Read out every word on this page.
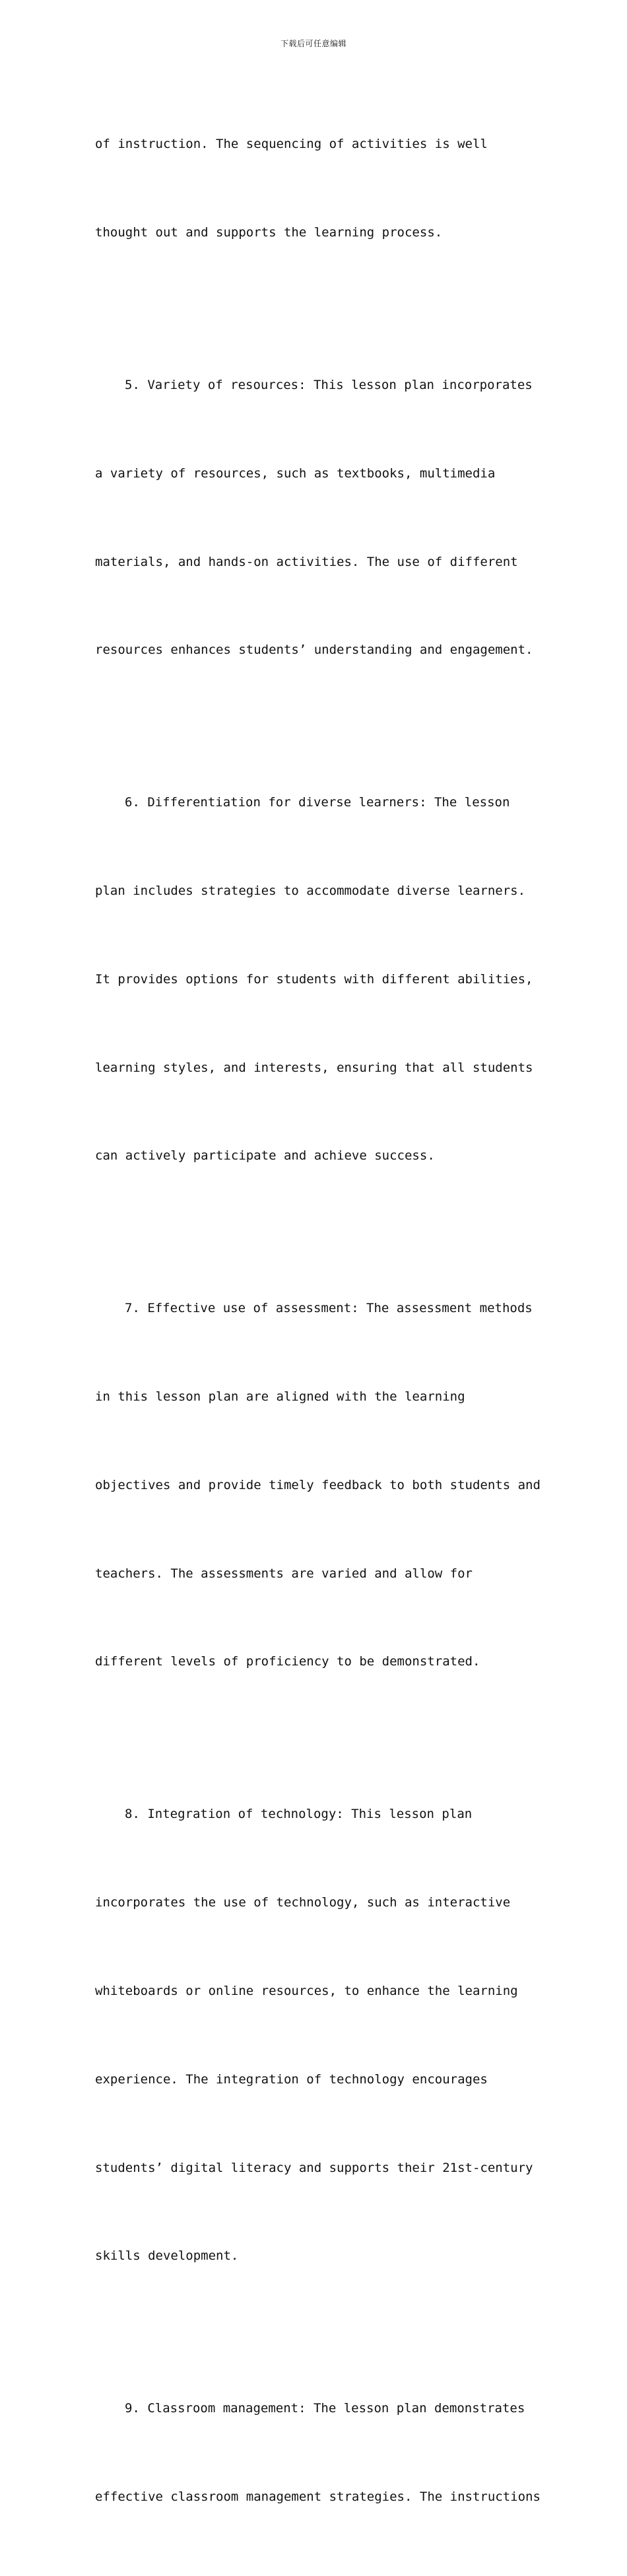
下载后可任意编辑

of instruction. The sequencing of activities is well

thought out and supports the learning process.

5. Variety of resources: This lesson plan incorporates

a variety of resources, such as textbooks, multimedia

materials, and hands-on activities. The use of different

resources enhances students’ understanding and engagement.

6. Differentiation for diverse learners: The lesson

plan includes strategies to accommodate diverse learners.

It provides options for students with different abilities,

learning styles, and interests, ensuring that all students

can actively participate and achieve success.

7. Effective use of assessment: The assessment methods

in this lesson plan are aligned with the learning

objectives and provide timely feedback to both students and

teachers. The assessments are varied and allow for

different levels of proficiency to be demonstrated.

8. Integration of technology: This lesson plan

incorporates the use of technology, such as interactive

whiteboards or online resources, to enhance the learning

experience. The integration of technology encourages

students’ digital literacy and supports their 21st-century

skills development.

9. Classroom management: The lesson plan demonstrates

effective classroom management strategies. The instructions
